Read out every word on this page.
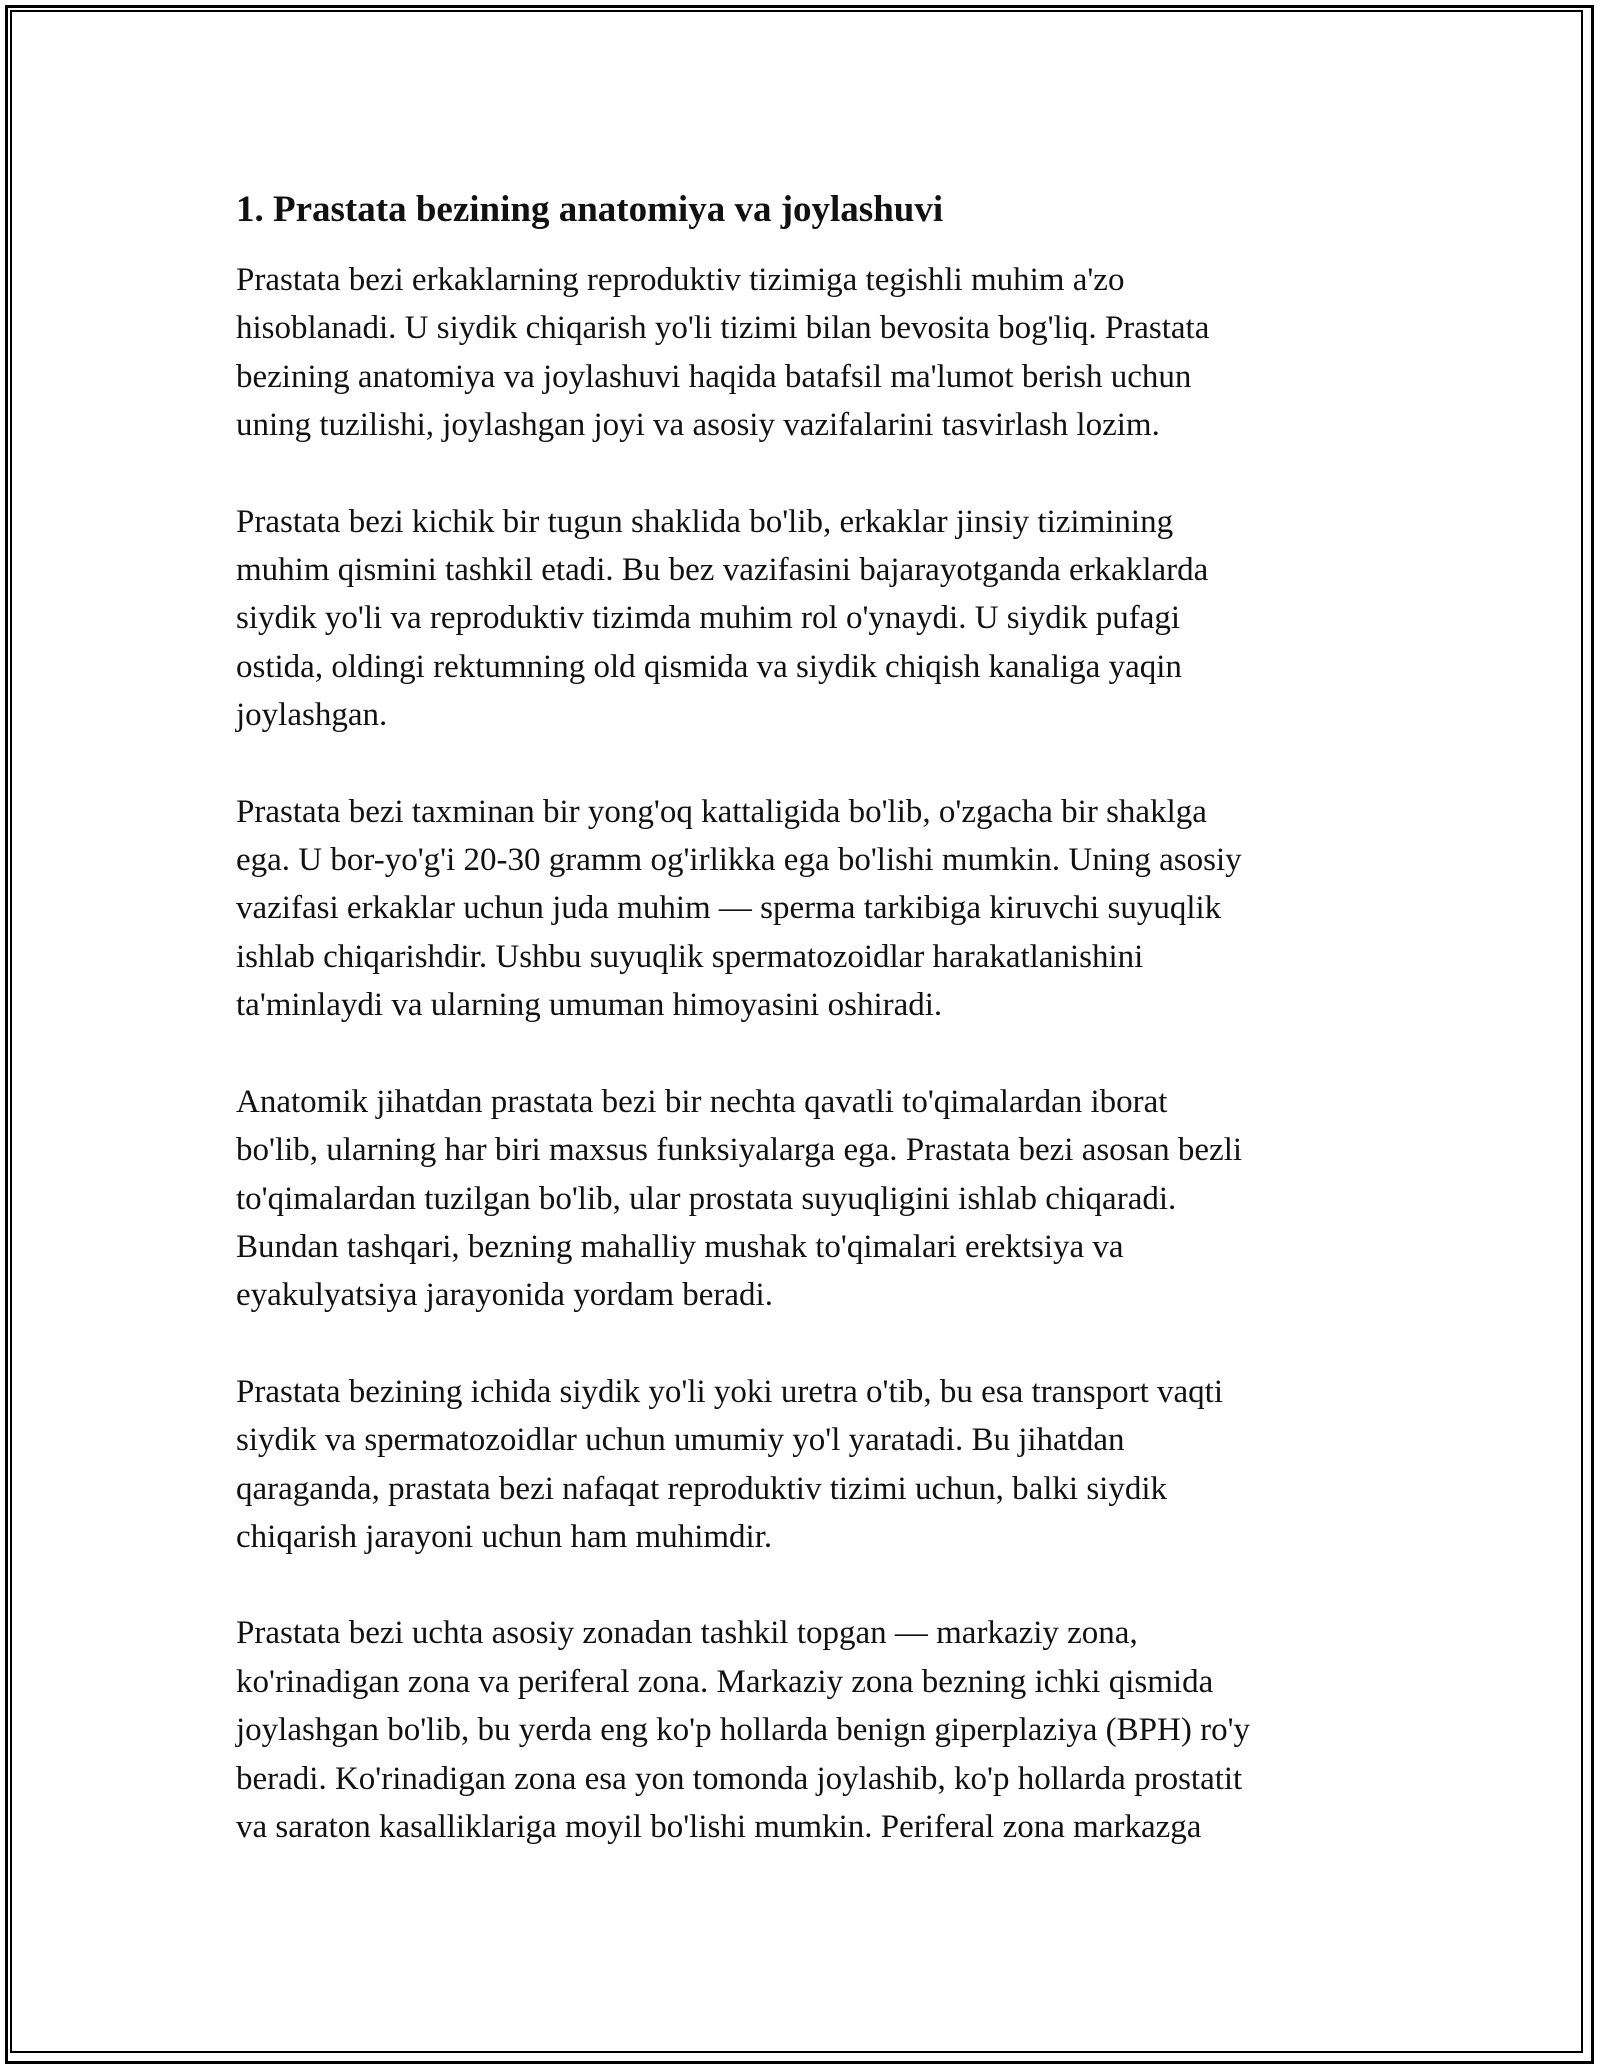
1. Prastata bezining anatomiya va joylashuvi

Prastata bezi erkaklarning reproduktiv tizimiga tegishli muhim a'zo
hisoblanadi. U siydik chiqarish yo'li tizimi bilan bevosita bog'liq. Prastata
bezining anatomiya va joylashuvi haqida batafsil ma'lumot berish uchun
uning tuzilishi, joylashgan joyi va asosiy vazifalarini tasvirlash lozim.

Prastata bezi kichik bir tugun shaklida bo'lib, erkaklar jinsiy tizimining
muhim qismini tashkil etadi. Bu bez vazifasini bajarayotganda erkaklarda
siydik yo'li va reproduktiv tizimda muhim rol o'ynaydi. U siydik pufagi
ostida, oldingi rektumning old qismida va siydik chiqish kanaliga yaqin
joylashgan.

Prastata bezi taxminan bir yong'oq kattaligida bo'lib, o'zgacha bir shaklga
ega. U bor-yo'g'i 20-30 gramm og'irlikka ega bo'lishi mumkin. Uning asosiy
vazifasi erkaklar uchun juda muhim — sperma tarkibiga kiruvchi suyuqlik
ishlab chiqarishdir. Ushbu suyuqlik spermatozoidlar harakatlanishini
ta'minlaydi va ularning umuman himoyasini oshiradi.

Anatomik jihatdan prastata bezi bir nechta qavatli to'qimalardan iborat
bo'lib, ularning har biri maxsus funksiyalarga ega. Prastata bezi asosan bezli
to'qimalardan tuzilgan bo'lib, ular prostata suyuqligini ishlab chiqaradi.
Bundan tashqari, bezning mahalliy mushak to'qimalari erektsiya va
eyakulyatsiya jarayonida yordam beradi.

Prastata bezining ichida siydik yo'li yoki uretra o'tib, bu esa transport vaqti
siydik va spermatozoidlar uchun umumiy yo'l yaratadi. Bu jihatdan
qaraganda, prastata bezi nafaqat reproduktiv tizimi uchun, balki siydik
chiqarish jarayoni uchun ham muhimdir.

Prastata bezi uchta asosiy zonadan tashkil topgan — markaziy zona,
ko'rinadigan zona va periferal zona. Markaziy zona bezning ichki qismida
joylashgan bo'lib, bu yerda eng ko'p hollarda benign giperplaziya (BPH) ro'y
beradi. Ko'rinadigan zona esa yon tomonda joylashib, ko'p hollarda prostatit
va saraton kasalliklariga moyil bo'lishi mumkin. Periferal zona markazga
